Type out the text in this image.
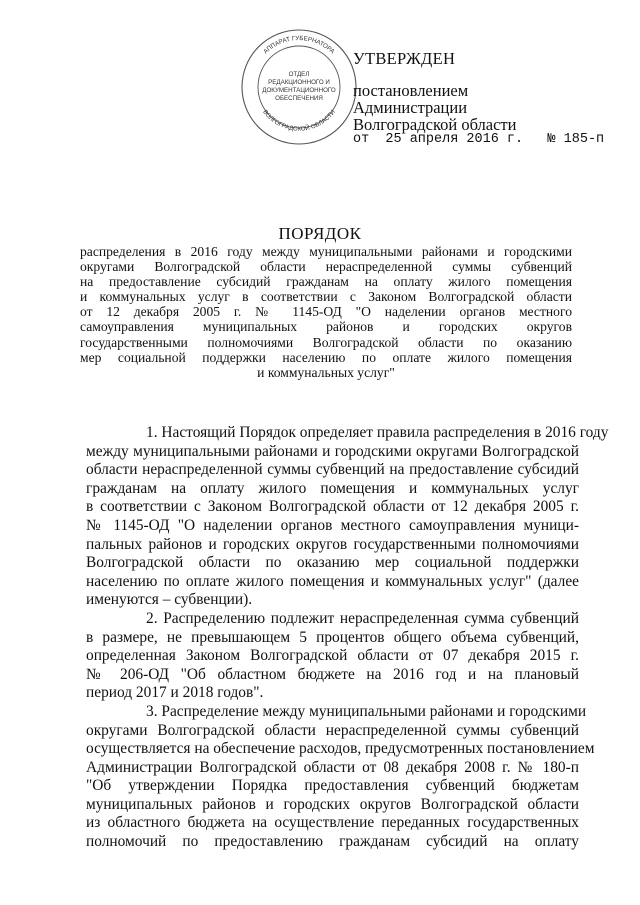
АППАРАТ ГУБЕРНАТОРА
ВОЛГОГРАДСКОЙ ОБЛАСТИ
ОТДЕЛ
РЕДАКЦИОННОГО И
ДОКУМЕНТАЦИОННОГО
ОБЕСПЕЧЕНИЯ
УТВЕРЖДЕН
постановлением
Администрации
Волгоградской области
от  25 апреля 2016 г.   № 185-п
ПОРЯДОК
распределения в 2016 году между муниципальными районами и городскими
округами Волгоградской области нераспределенной суммы субвенций
на предоставление субсидий гражданам на оплату жилого помещения
и коммунальных услуг в соответствии с Законом Волгоградской области
от 12 декабря 2005 г. № 1145-ОД "О наделении органов местного
самоуправления муниципальных районов и городских округов
государственными полномочиями Волгоградской области по оказанию
мер социальной поддержки населению по оплате жилого помещения
и коммунальных услуг"
1. Настоящий Порядок определяет правила распределения в 2016 году
между муниципальными районами и городскими округами Волгоградской
области нераспределенной суммы субвенций на предоставление субсидий
гражданам на оплату жилого помещения и коммунальных услуг
в соответствии с Законом Волгоградской области от 12 декабря 2005 г.
№ 1145-ОД "О наделении органов местного самоуправления муници-
пальных районов и городских округов государственными полномочиями
Волгоградской области по оказанию мер социальной поддержки
населению по оплате жилого помещения и коммунальных услуг" (далее
именуются – субвенции).
2. Распределению подлежит нераспределенная сумма субвенций
в размере, не превышающем 5 процентов общего объема субвенций,
определенная Законом Волгоградской области от 07 декабря 2015 г.
№ 206-ОД "Об областном бюджете на 2016 год и на плановый
период 2017 и 2018 годов".
3. Распределение между муниципальными районами и городскими
округами Волгоградской области нераспределенной суммы субвенций
осуществляется на обеспечение расходов, предусмотренных постановлением
Администрации Волгоградской области от 08 декабря 2008 г. № 180-п
"Об утверждении Порядка предоставления субвенций бюджетам
муниципальных районов и городских округов Волгоградской области
из областного бюджета на осуществление переданных государственных
полномочий по предоставлению гражданам субсидий на оплату
